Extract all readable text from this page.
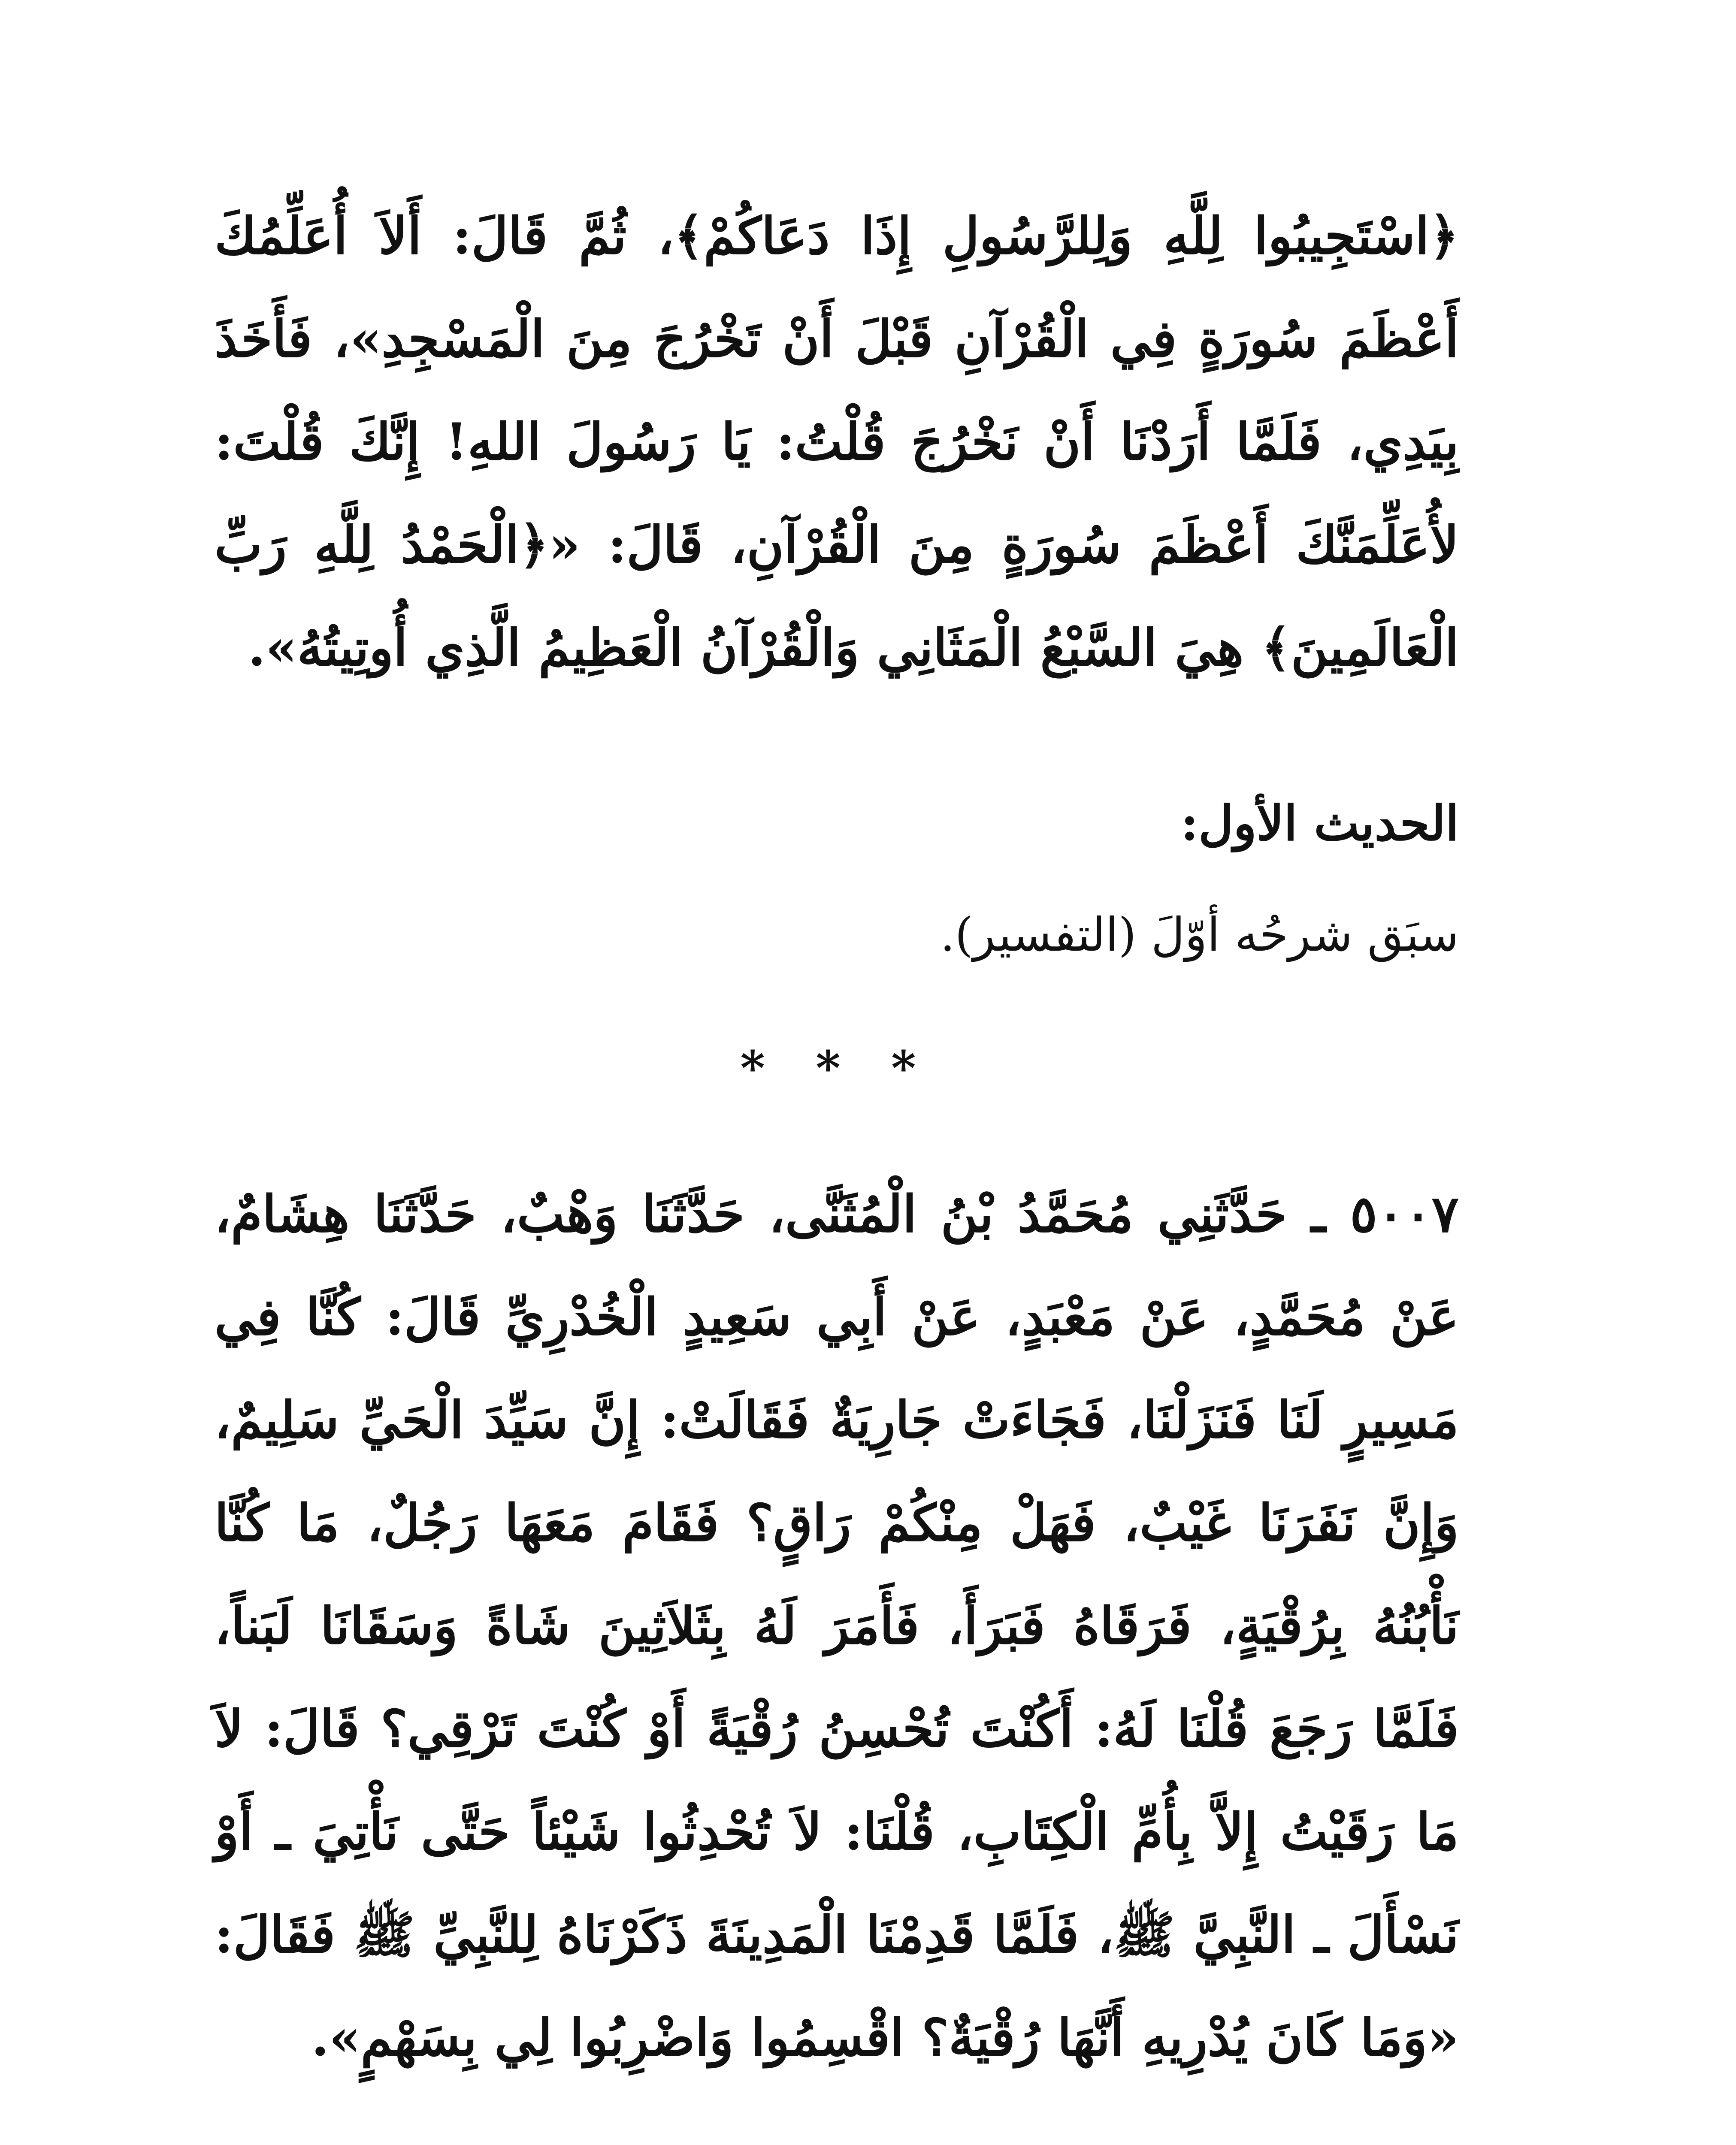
﴿اسْتَجِيبُوا لِلَّهِ وَلِلرَّسُولِ إِذَا دَعَاكُمْ﴾، ثُمَّ قَالَ: أَلاَ أُعَلِّمُكَ أَعْظَمَ سُورَةٍ فِي الْقُرْآنِ قَبْلَ أَنْ تَخْرُجَ مِنَ الْمَسْجِدِ»، فَأَخَذَ بِيَدِي، فَلَمَّا أَرَدْنَا أَنْ نَخْرُجَ قُلْتُ: يَا رَسُولَ اللهِ! إِنَّكَ قُلْتَ: لأُعَلِّمَنَّكَ أَعْظَمَ سُورَةٍ مِنَ الْقُرْآنِ، قَالَ: «﴿الْحَمْدُ لِلَّهِ رَبِّ الْعَالَمِينَ﴾ هِيَ السَّبْعُ الْمَثَانِي وَالْقُرْآنُ الْعَظِيمُ الَّذِي أُوتِيتُهُ».
الحديث الأول:
سبَق شرحُه أوّلَ (التفسير).
* * *
٥٠٠٧ ـ حَدَّثَنِي مُحَمَّدُ بْنُ الْمُثَنَّى، حَدَّثَنَا وَهْبٌ، حَدَّثَنَا هِشَامٌ، عَنْ مُحَمَّدٍ، عَنْ مَعْبَدٍ، عَنْ أَبِي سَعِيدٍ الْخُدْرِيِّ قَالَ: كُنَّا فِي مَسِيرٍ لَنَا فَنَزَلْنَا، فَجَاءَتْ جَارِيَةٌ فَقَالَتْ: إِنَّ سَيِّدَ الْحَيِّ سَلِيمٌ، وَإِنَّ نَفَرَنَا غَيْبٌ، فَهَلْ مِنْكُمْ رَاقٍ؟ فَقَامَ مَعَهَا رَجُلٌ، مَا كُنَّا نَأْبُنُهُ بِرُقْيَةٍ، فَرَقَاهُ فَبَرَأَ، فَأَمَرَ لَهُ بِثَلاَثِينَ شَاةً وَسَقَانَا لَبَناً، فَلَمَّا رَجَعَ قُلْنَا لَهُ: أَكُنْتَ تُحْسِنُ رُقْيَةً أَوْ كُنْتَ تَرْقِي؟ قَالَ: لاَ مَا رَقَيْتُ إِلاَّ بِأُمِّ الْكِتَابِ، قُلْنَا: لاَ تُحْدِثُوا شَيْئاً حَتَّى نَأْتِيَ ـ أَوْ نَسْأَلَ ـ النَّبِيَّ ﷺ، فَلَمَّا قَدِمْنَا الْمَدِينَةَ ذَكَرْنَاهُ لِلنَّبِيِّ ﷺ فَقَالَ: «وَمَا كَانَ يُدْرِيهِ أَنَّهَا رُقْيَةٌ؟ اقْسِمُوا وَاضْرِبُوا لِي بِسَهْمٍ».
